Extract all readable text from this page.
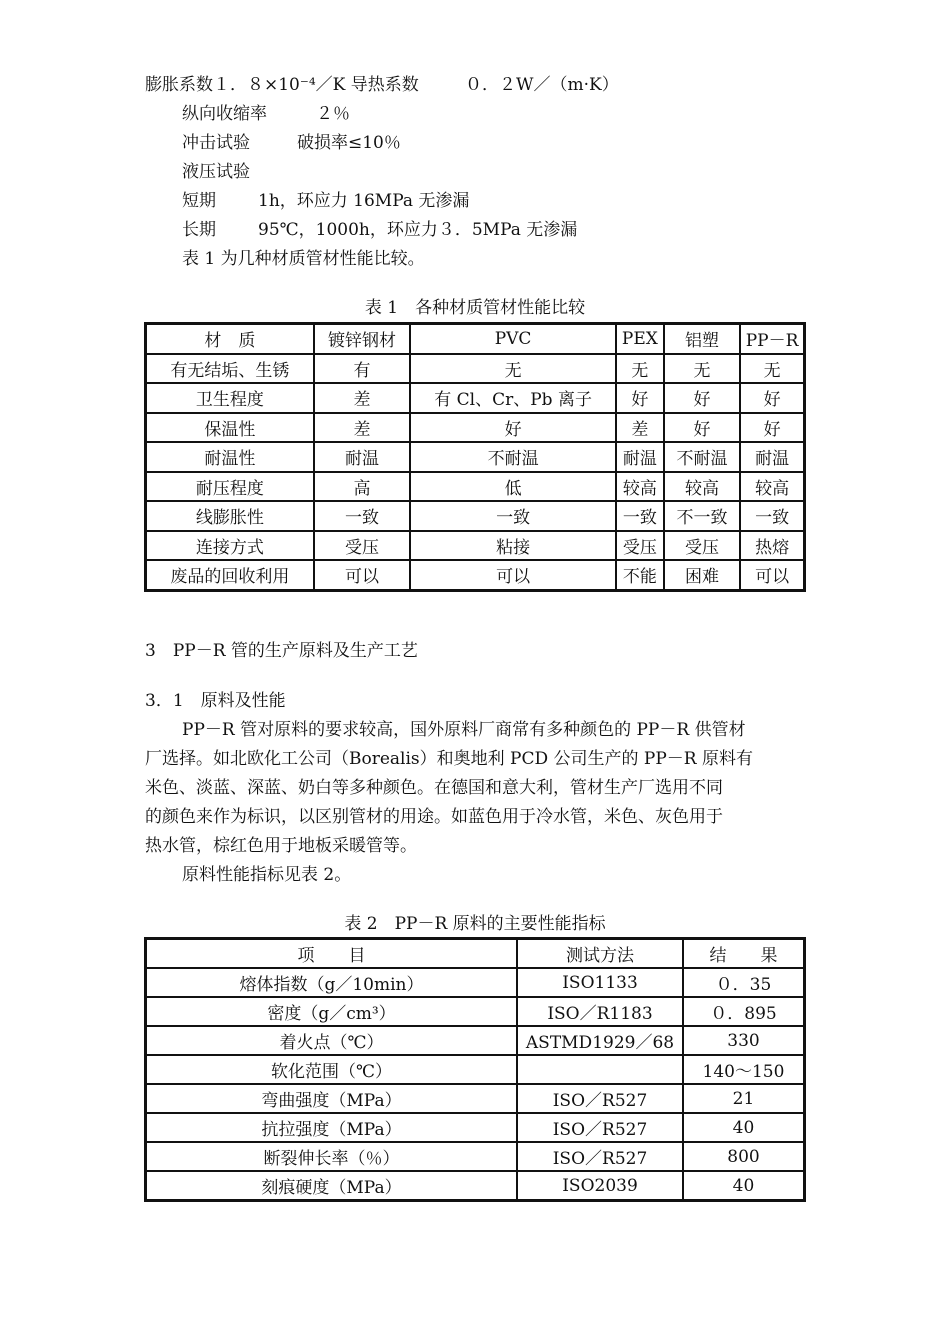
膨胀系数１．８×10⁻⁴／K 导热系数	０．２W／（m·K）
纵向收缩率	２％
冲击试验	破损率≤10％
液压试验
短期 1h，环应力 16MPa 无渗漏
长期 95℃，1000h，环应力３．5MPa 无渗漏
表 1 为几种材质管材性能比较。
表 1　各种材质管材性能比较
材　质	镀锌钢材	PVC	PEX	铝塑	PP－R
有无结垢、生锈	有	无	无	无	无
卫生程度	差	有 Cl、Cr、Pb 离子	好	好	好
保温性	差	好	差	好	好
耐温性	耐温	不耐温	耐温	不耐温	耐温
耐压程度	高	低	较高	较高	较高
线膨胀性	一致	一致	一致	不一致	一致
连接方式	受压	粘接	受压	受压	热熔
废品的回收利用	可以	可以	不能	困难	可以
3　PP－R 管的生产原料及生产工艺
3．1　原料及性能
PP－R 管对原料的要求较高，国外原料厂商常有多种颜色的 PP－R 供管材
厂选择。如北欧化工公司（Borealis）和奥地利 PCD 公司生产的 PP－R 原料有
米色、淡蓝、深蓝、奶白等多种颜色。在德国和意大利，管材生产厂选用不同
的颜色来作为标识，以区别管材的用途。如蓝色用于冷水管，米色、灰色用于
热水管，棕红色用于地板采暖管等。
原料性能指标见表 2。
表 2　PP－R 原料的主要性能指标
项　　目	测试方法	结　　果
熔体指数（g／10min）	ISO1133	０．35
密度（g／cm³）	ISO／R1183	０．895
着火点（℃）	ASTMD1929／68	330
软化范围（℃）		140～150
弯曲强度（MPa）	ISO／R527	21
抗拉强度（MPa）	ISO／R527	40
断裂伸长率（％）	ISO／R527	800
刻痕硬度（MPa）	ISO2039	40
